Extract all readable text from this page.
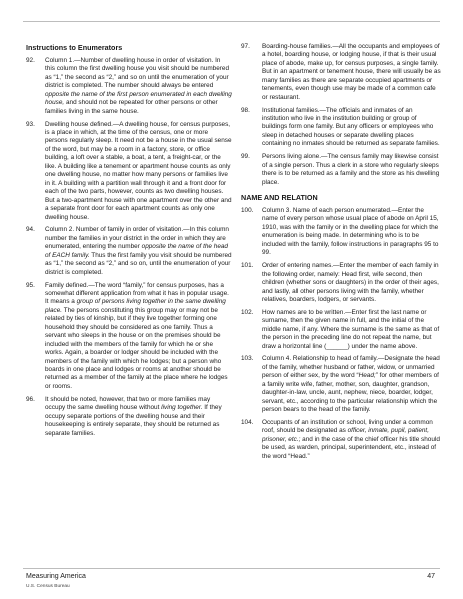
Instructions to Enumerators
92. Column 1.—Number of dwelling house in order of visitation. In this column the first dwelling house you visit should be numbered as “1,” the second as “2,” and so on until the enumeration of your district is completed. The number should always be entered opposite the name of the first person enumerated in each dwelling house, and should not be repeated for other persons or other families living in the same house.
93. Dwelling house defined.—A dwelling house, for census purposes, is a place in which, at the time of the census, one or more persons regularly sleep. It need not be a house in the usual sense of the word, but may be a room in a factory, store, or office building, a loft over a stable, a boat, a tent, a freight-car, or the like. A building like a tenement or apartment house counts as only one dwelling house, no matter how many persons or families live in it. A building with a partition wall through it and a front door for each of the two parts, however, counts as two dwelling houses. But a two-apartment house with one apartment over the other and a separate front door for each apartment counts as only one dwelling house.
94. Column 2. Number of family in order of visitation.—In this column number the families in your district in the order in which they are enumerated, entering the number opposite the name of the head of EACH family. Thus the first family you visit should be numbered as “1,” the second as “2,” and so on, until the enumeration of your district is completed.
95. Family defined.—The word “family,” for census purposes, has a somewhat different application from what it has in popular usage. It means a group of persons living together in the same dwelling place. The persons constituting this group may or may not be related by ties of kinship, but if they live together forming one household they should be considered as one family. Thus a servant who sleeps in the house or on the premises should be included with the members of the family for which he or she works. Again, a boarder or lodger should be included with the members of the family with which he lodges; but a person who boards in one place and lodges or rooms at another should be returned as a member of the family at the place where he lodges or rooms.
96. It should be noted, however, that two or more families may occupy the same dwelling house without living together. If they occupy separate portions of the dwelling house and their housekeeping is entirely separate, they should be returned as separate families.
97. Boarding-house families.—All the occupants and employees of a hotel, boarding house, or lodging house, if that is their usual place of abode, make up, for census purposes, a single family. But in an apartment or tenement house, there will usually be as many families as there are separate occupied apartments or tenements, even though use may be made of a common cafe or restaurant.
98. Institutional families.—The officials and inmates of an institution who live in the institution building or group of buildings form one family. But any officers or employees who sleep in detached houses or separate dwelling places containing no inmates should be returned as separate families.
99. Persons living alone.—The census family may likewise consist of a single person. Thus a clerk in a store who regularly sleeps there is to be returned as a family and the store as his dwelling place.
NAME AND RELATION
100. Column 3. Name of each person enumerated.—Enter the name of every person whose usual place of abode on April 15, 1910, was with the family or in the dwelling place for which the enumeration is being made. In determining who is to be included with the family, follow instructions in paragraphs 95 to 99.
101. Order of entering names.—Enter the member of each family in the following order, namely: Head first, wife second, then children (whether sons or daughters) in the order of their ages, and lastly, all other persons living with the family, whether relatives, boarders, lodgers, or servants.
102. How names are to be written.—Enter first the last name or surname, then the given name in full, and the initial of the middle name, if any. Where the surname is the same as that of the person in the preceding line do not repeat the name, but draw a horizontal line (______) under the name above.
103. Column 4. Relationship to head of family.—Designate the head of the family, whether husband or father, widow, or unmarried person of either sex, by the word “Head;” for other members of a family write wife, father, mother, son, daughter, grandson, daughter-in-law, uncle, aunt, nephew, niece, boarder, lodger, servant, etc., according to the particular relationship which the person bears to the head of the family.
104. Occupants of an institution or school, living under a common roof, should be designated as officer, inmate, pupil, patient, prisoner, etc.; and in the case of the chief officer his title should be used, as warden, principal, superintendent, etc., instead of the word “Head.”
Measuring America
U.S. Census Bureau
47
